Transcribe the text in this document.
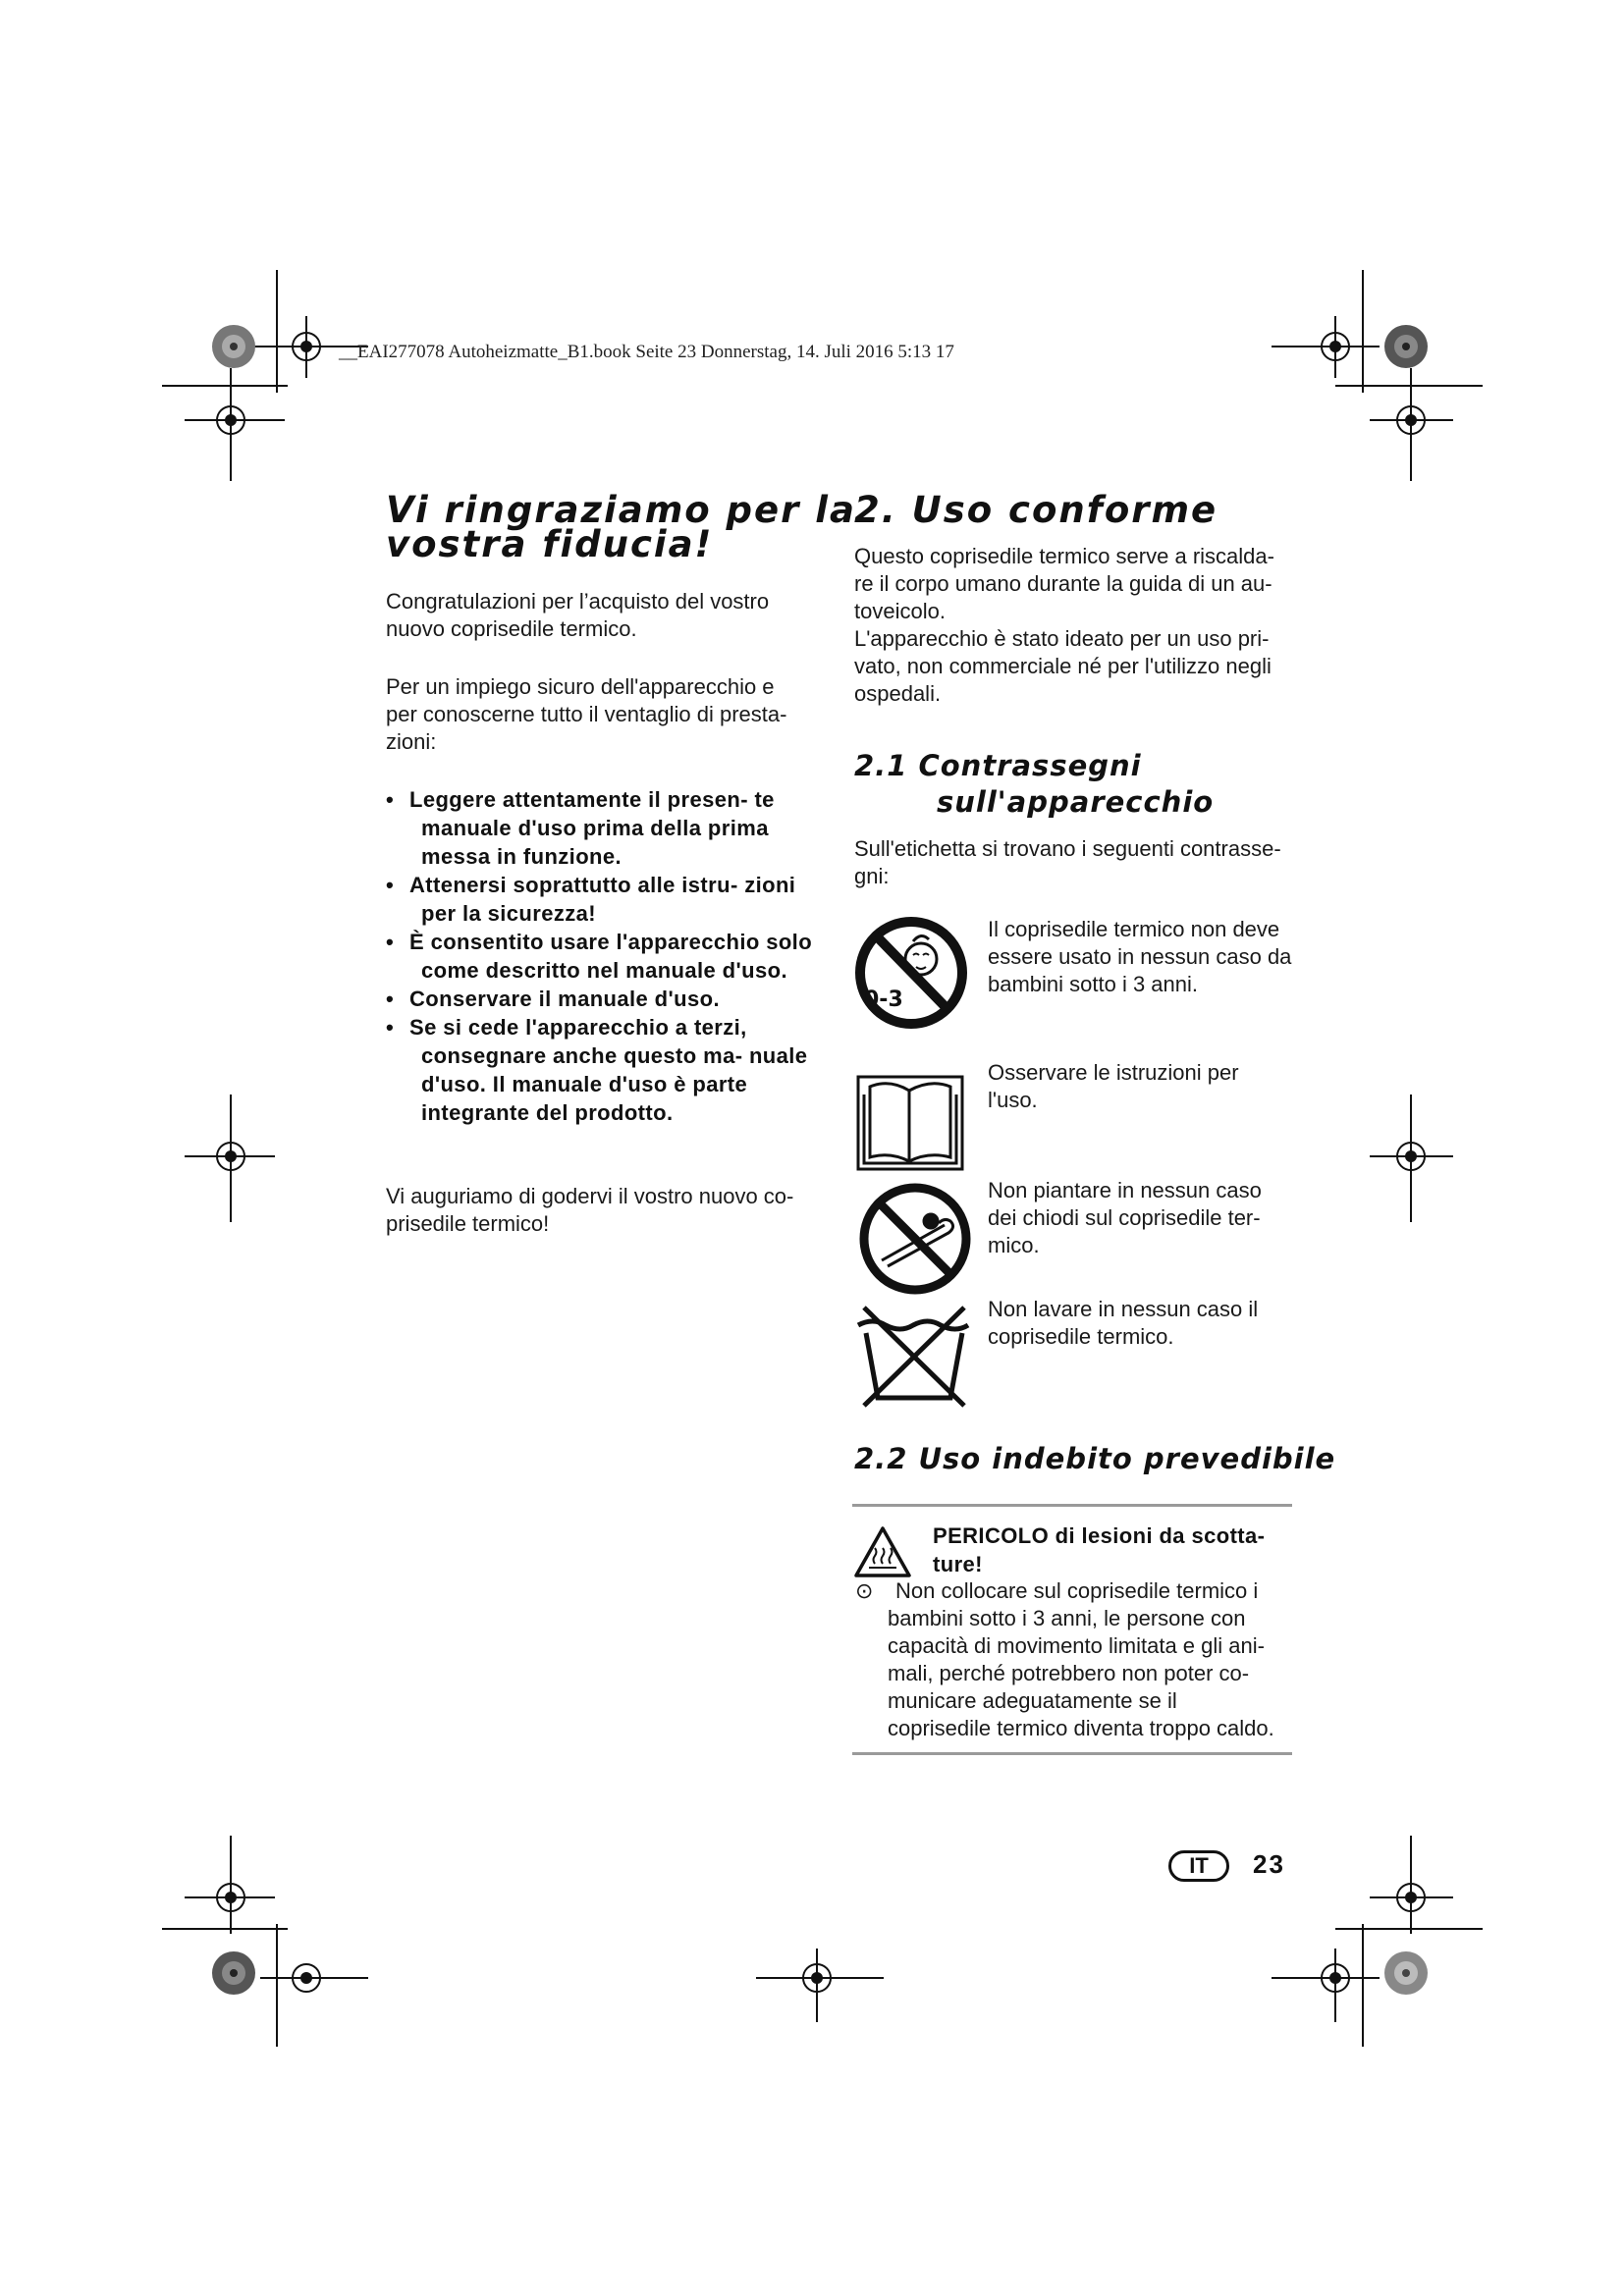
__EAI277078 Autoheizmatte_B1.book Seite 23 Donnerstag, 14. Juli 2016 5:13 17
Vi ringraziamo per la
vostra fiducia!
Congratulazioni per l’acquisto del vostro
nuovo coprisedile termico.
Per un impiego sicuro dell'apparecchio e
per conoscerne tutto il ventaglio di presta-
zioni:
• Leggere attentamente il presen- te manuale d'uso prima della prima messa in funzione.
• Attenersi soprattutto alle istru- zioni per la sicurezza!
• È consentito usare l'apparecchio solo come descritto nel manuale d'uso.
• Conservare il manuale d'uso.
• Se si cede l'apparecchio a terzi, consegnare anche questo ma- nuale d'uso. Il manuale d'uso è parte integrante del prodotto.
Vi auguriamo di godervi il vostro nuovo co-
prisedile termico!
2. Uso conforme
Questo coprisedile termico serve a riscalda-
re il corpo umano durante la guida di un au-
toveicolo.
L'apparecchio è stato ideato per un uso pri-
vato, non commerciale né per l'utilizzo negli
ospedali.
2.1 Contrassegni
sull'apparecchio
Sull'etichetta si trovano i seguenti contrasse-
gni:
0-3
Il coprisedile termico non deve
essere usato in nessun caso da
bambini sotto i 3 anni.
Osservare le istruzioni per
l'uso.
Non piantare in nessun caso
dei chiodi sul coprisedile ter-
mico.
Non lavare in nessun caso il
coprisedile termico.
2.2 Uso indebito prevedibile
PERICOLO di lesioni da scotta-
ture!
⊙	Non collocare sul coprisedile termico i
bambini sotto i 3 anni, le persone con
capacità di movimento limitata e gli ani-
mali, perché potrebbero non poter co-
municare adeguatamente se il
coprisedile termico diventa troppo caldo.
IT	23
